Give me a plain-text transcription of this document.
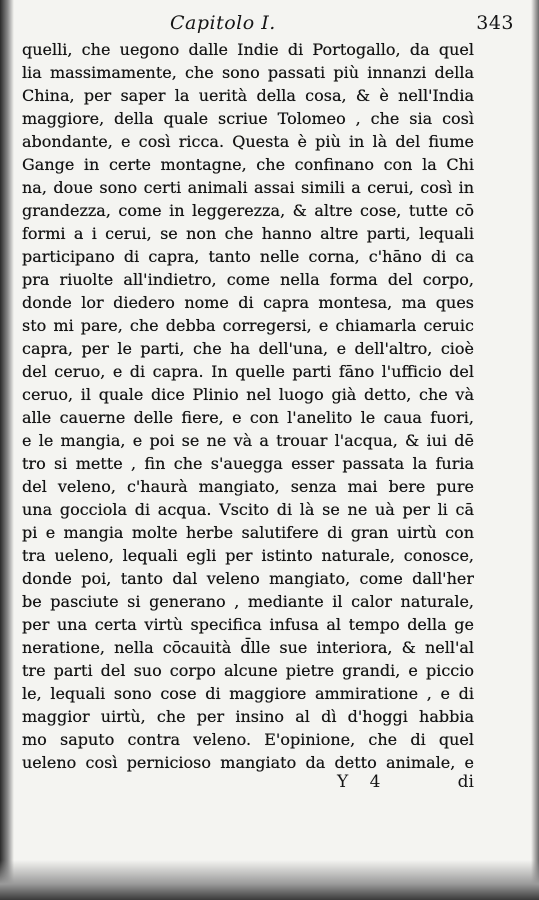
Capitolo I.	343
quelli, che uegono dalle Indie di Portogallo, da quel
lia massimamente, che sono passati più innanzi della
China, per saper la uerità della cosa, & è nell'India
maggiore, della quale scriue Tolomeo , che sia così
abondante, e così ricca. Questa è più in là del fiume
Gange in certe montagne, che confinano con la Chi
na, doue sono certi animali assai simili a cerui, così in
grandezza, come in leggerezza, & altre cose, tutte cō
formi a i cerui, se non che hanno altre parti, lequali
participano di capra, tanto nelle corna, c'hāno di ca
pra riuolte all'indietro, come nella forma del corpo,
donde lor diedero nome di capra montesa, ma ques
sto mi pare, che debba corregersi, e chiamarla ceruic
capra, per le parti, che ha dell'una, e dell'altro, cioè
del ceruo, e di capra. In quelle parti fāno l'ufficio del
ceruo, il quale dice Plinio nel luogo già detto, che và
alle cauerne delle fiere, e con l'anelito le caua fuori,
e le mangia, e poi se ne và a trouar l'acqua, & iui dē
tro si mette , fin che s'auegga esser passata la furia
del veleno, c'haurà mangiato, senza mai bere pure
una gocciola di acqua. Vscito di là se ne uà per li cā
pi e mangia molte herbe salutifere di gran uirtù con
tra ueleno, lequali egli per istinto naturale, conosce,
donde poi, tanto dal veleno mangiato, come dall'her
be pasciute si generano , mediante il calor naturale,
per una certa virtù specifica infusa al tempo della ge
neratione, nella cōcauità d̄lle sue interiora, & nell'al
tre parti del suo corpo alcune pietre grandi, e piccio
le, lequali sono cose di maggiore ammiratione , e di
maggior uirtù, che per insino al dì d'hoggi habbia
mo saputo contra veleno. E'opinione, che di quel
ueleno così pernicioso mangiato da detto animale, e
Y 4	di
